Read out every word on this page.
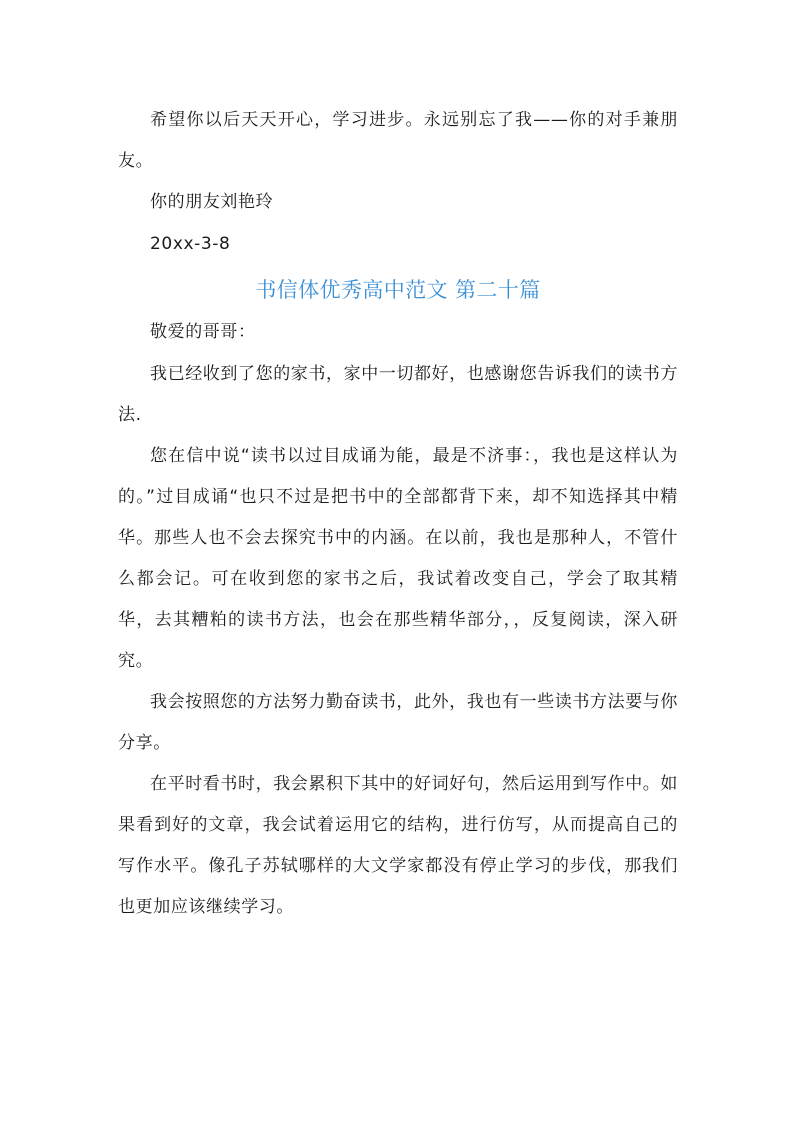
希望你以后天天开心，学习进步。永远别忘了我——你的对手兼朋友。

你的朋友刘艳玲

20xx-3-8

书信体优秀高中范文 第二十篇

敬爱的哥哥：

我已经收到了您的家书，家中一切都好，也感谢您告诉我们的读书方法.

您在信中说“读书以过目成诵为能，最是不济事：，我也是这样认为的。”过目成诵“也只不过是把书中的全部都背下来，却不知选择其中精华。那些人也不会去探究书中的内涵。在以前，我也是那种人，不管什么都会记。可在收到您的家书之后，我试着改变自己，学会了取其精华，去其糟粕的读书方法，也会在那些精华部分，，反复阅读，深入研究。

我会按照您的方法努力勤奋读书，此外，我也有一些读书方法要与你分享。

在平时看书时，我会累积下其中的好词好句，然后运用到写作中。如果看到好的文章，我会试着运用它的结构，进行仿写，从而提高自己的写作水平。像孔子苏轼哪样的大文学家都没有停止学习的步伐，那我们也更加应该继续学习。
